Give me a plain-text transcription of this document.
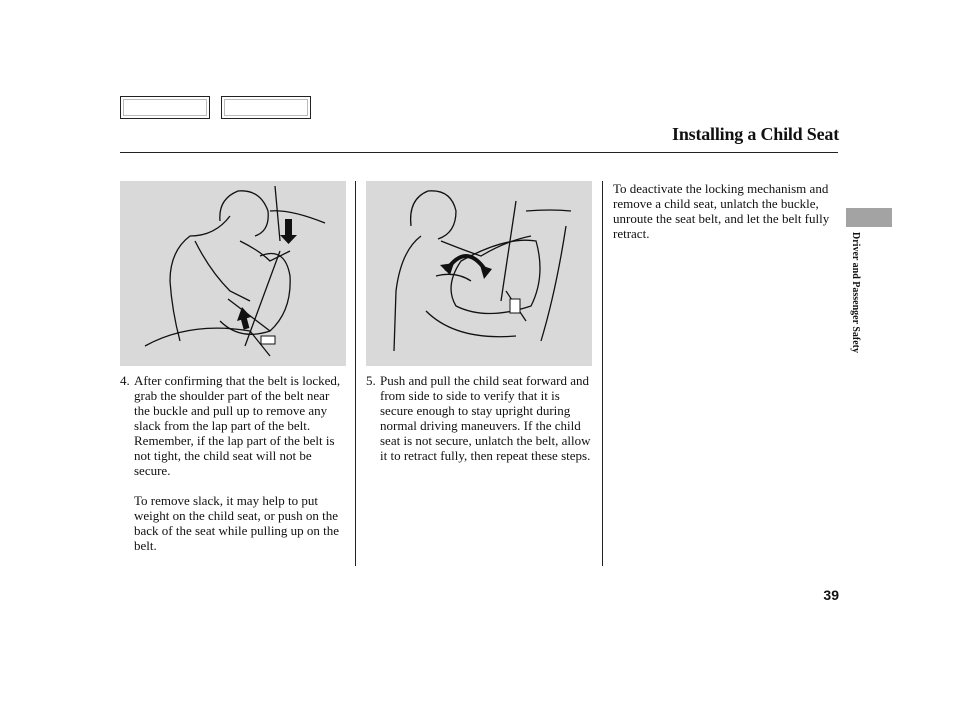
Installing a Child Seat
4. After confirming that the belt is locked, grab the shoulder part of the belt near the buckle and pull up to remove any slack from the lap part of the belt. Remember, if the lap part of the belt is not tight, the child seat will not be secure.
To remove slack, it may help to put weight on the child seat, or push on the back of the seat while pulling up on the belt.
5. Push and pull the child seat forward and from side to side to verify that it is secure enough to stay upright during normal driving maneuvers. If the child seat is not secure, unlatch the belt, allow it to retract fully, then repeat these steps.
To deactivate the locking mechanism and remove a child seat, unlatch the buckle, unroute the seat belt, and let the belt fully retract.	Driver and Passenger Safety
39
